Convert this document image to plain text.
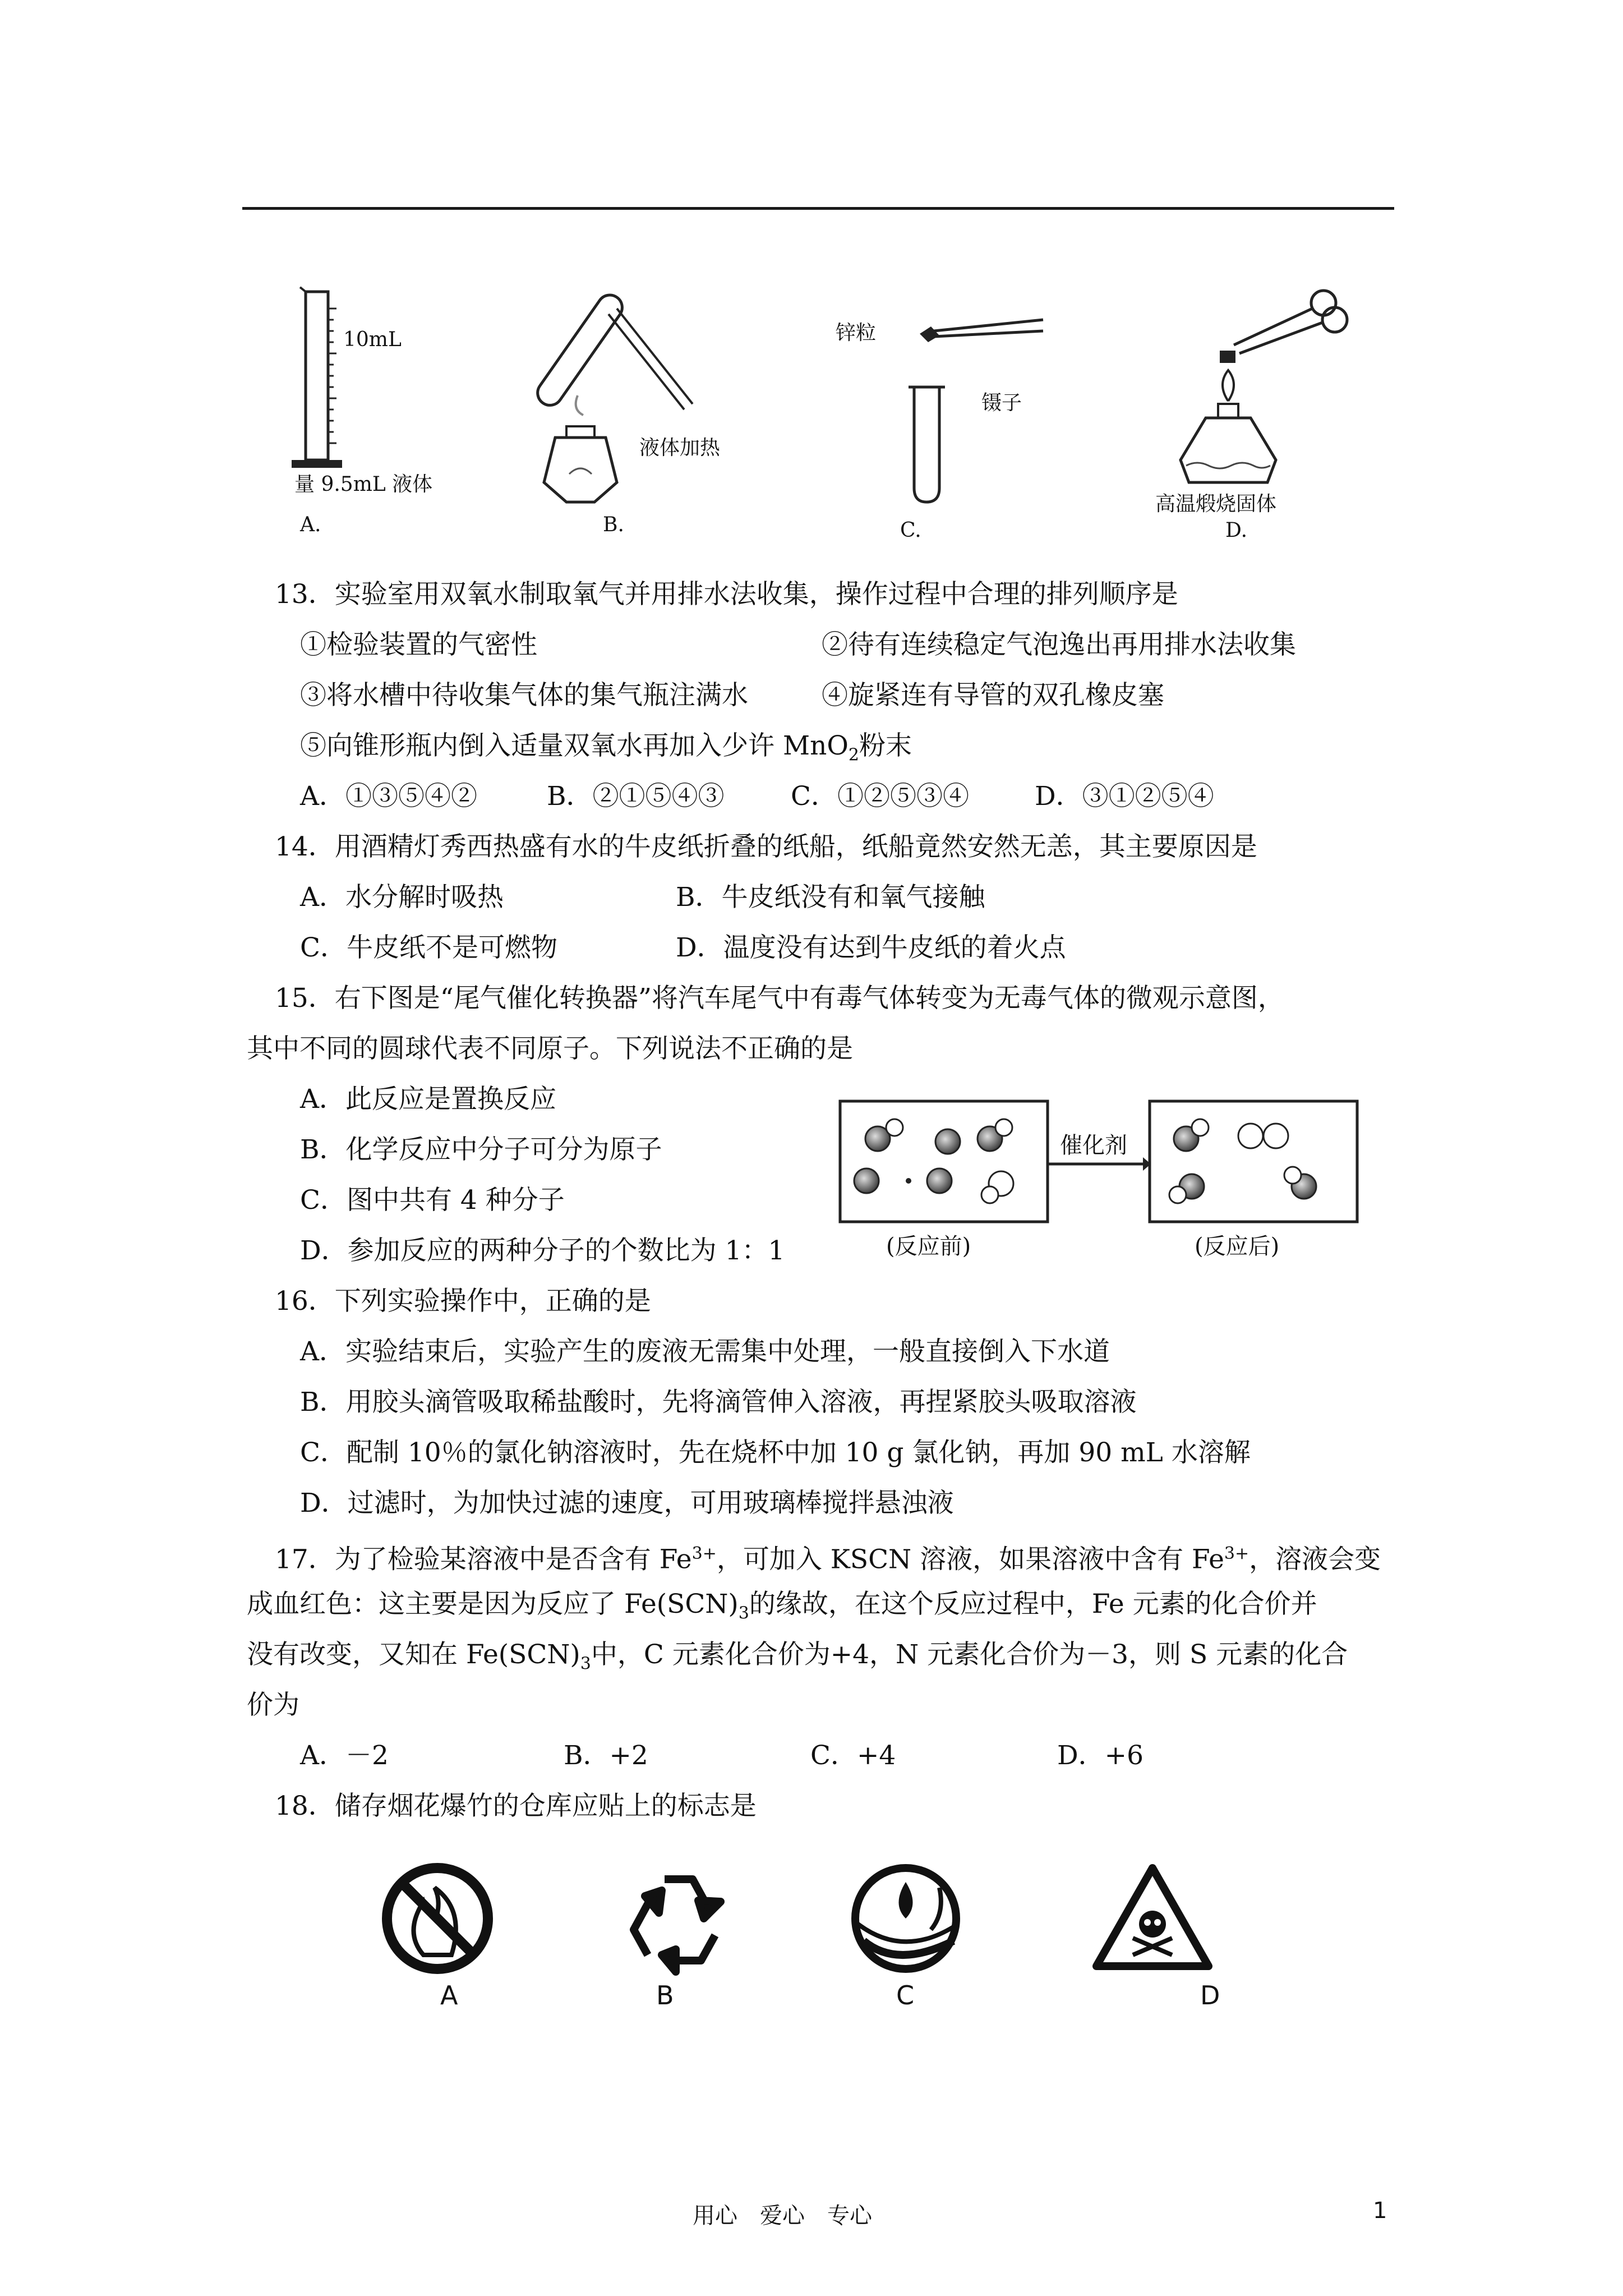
10mL
量 9.5mL 液体
A.
液体加热
B.
锌粒
镊子
C.
高温煅烧固体
D.
13．实验室用双氧水制取氧气并用排水法收集，操作过程中合理的排列顺序是
①检验装置的气密性	②待有连续稳定气泡逸出再用排水法收集
③将水槽中待收集气体的集气瓶注满水	④旋紧连有导管的双孔橡皮塞
⑤向锥形瓶内倒入适量双氧水再加入少许 MnO$_2$粉末
A．①③⑤④②	B．②①⑤④③	C．①②⑤③④ D．③①②⑤④
14．用酒精灯秀西热盛有水的牛皮纸折叠的纸船，纸船竟然安然无恙，其主要原因是
A．水分解时吸热	B．牛皮纸没有和氧气接触
C．牛皮纸不是可燃物	D．温度没有达到牛皮纸的着火点
15．右下图是“尾气催化转换器”将汽车尾气中有毒气体转变为无毒气体的微观示意图，
其中不同的圆球代表不同原子。下列说法不正确的是
A．此反应是置换反应
B．化学反应中分子可分为原子
C．图中共有 4 种分子
D．参加反应的两种分子的个数比为 1：1
催化剂
(反应前)	(反应后)
16．下列实验操作中，正确的是
A．实验结束后，实验产生的废液无需集中处理，一般直接倒入下水道
B．用胶头滴管吸取稀盐酸时，先将滴管伸入溶液，再捏紧胶头吸取溶液
C．配制 10％的氯化钠溶液时，先在烧杯中加 10 g 氯化钠，再加 90 mL 水溶解
D．过滤时，为加快过滤的速度，可用玻璃棒搅拌悬浊液
17．为了检验某溶液中是否含有 $Fe^{3+}$，可加入 KSCN 溶液，如果溶液中含有 $Fe^{3+}$，溶液会变
成血红色：这主要是因为反应了 $Fe(SCN)_3$的缘故，在这个反应过程中，Fe 元素的化合价并
没有改变，又知在 $Fe(SCN)_3$中，C 元素化合价为+4，N 元素化合价为－3，则 S 元素的化合
价为
A．－2	B．+2	C．+4	D．+6
18．储存烟花爆竹的仓库应贴上的标志是
A	B	C	D
用心　爱心　专心	1
